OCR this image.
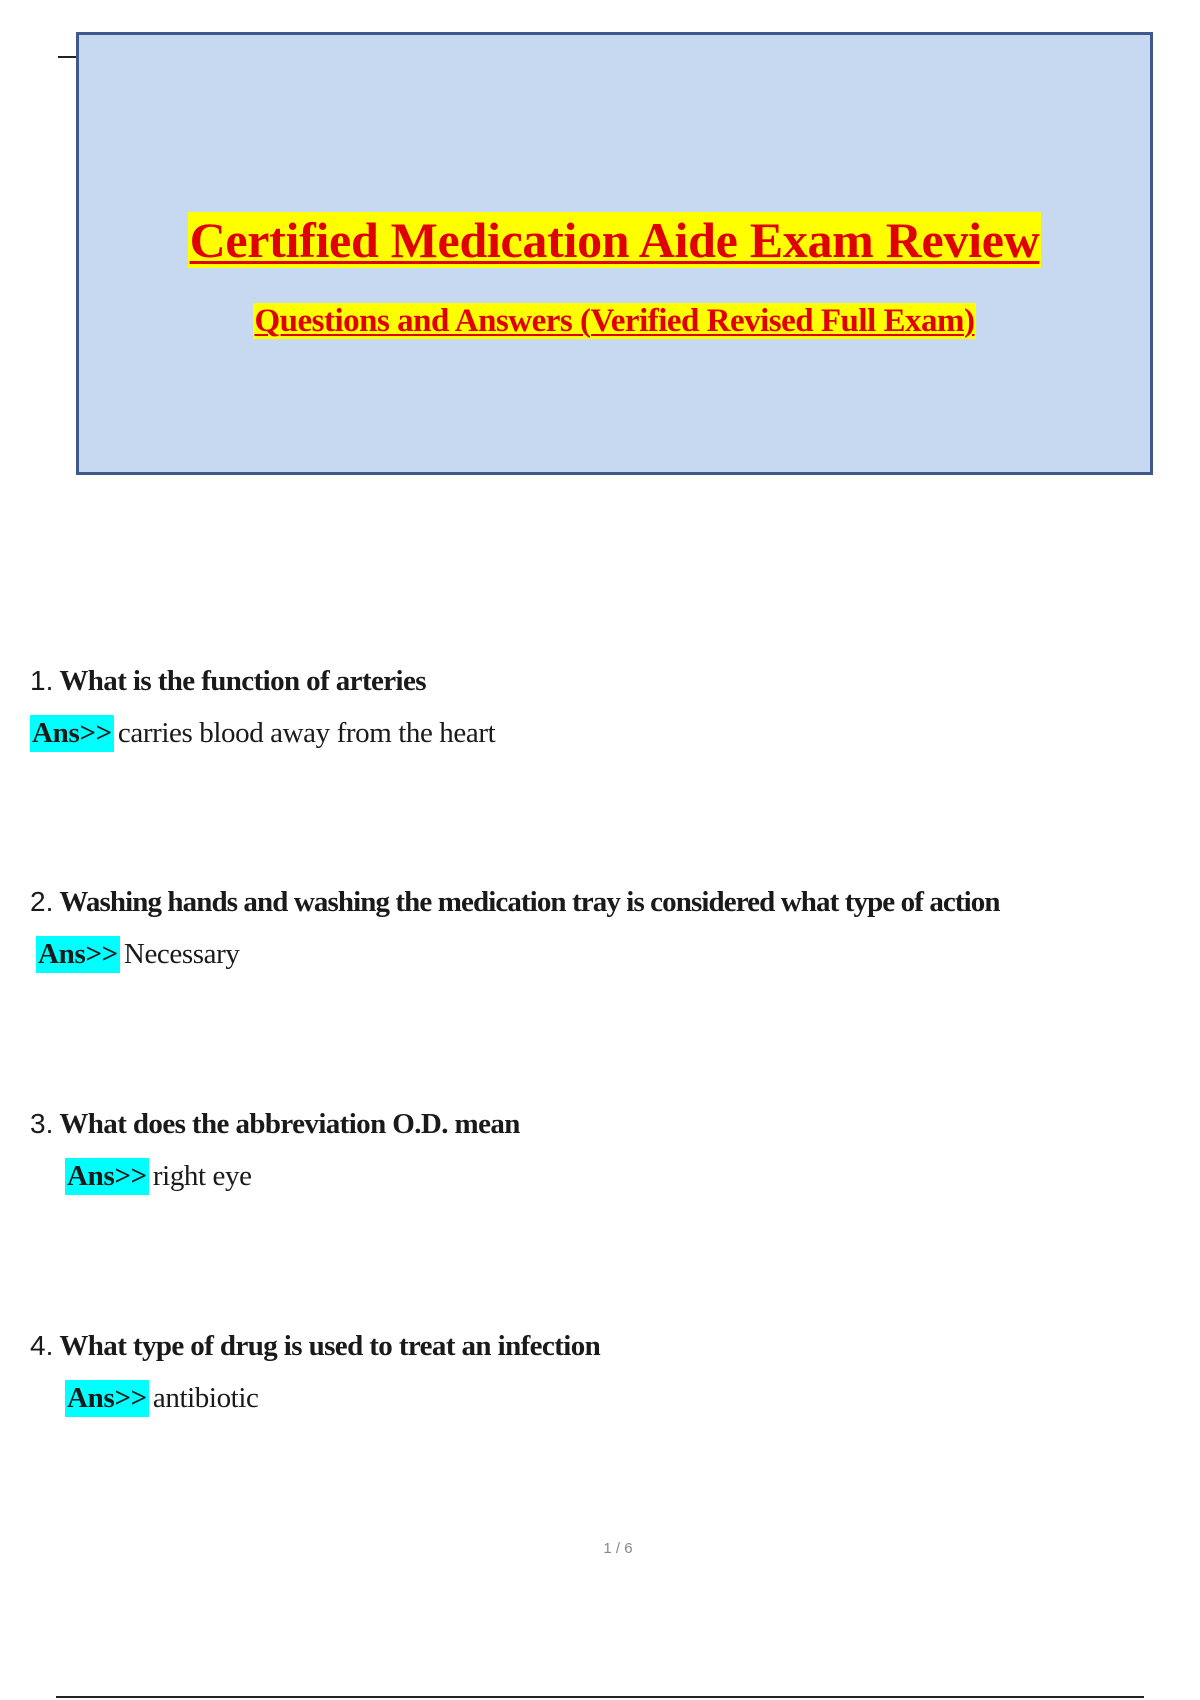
Certified Medication Aide Exam Review
Questions and Answers (Verified Revised Full Exam)
1. What is the function of arteries
Ans>> carries blood away from the heart
2. Washing hands and washing the medication tray is considered what type of action
Ans>> Necessary
3. What does the abbreviation O.D. mean
Ans>> right eye
4. What type of drug is used to treat an infection
Ans>> antibiotic
1 / 6
